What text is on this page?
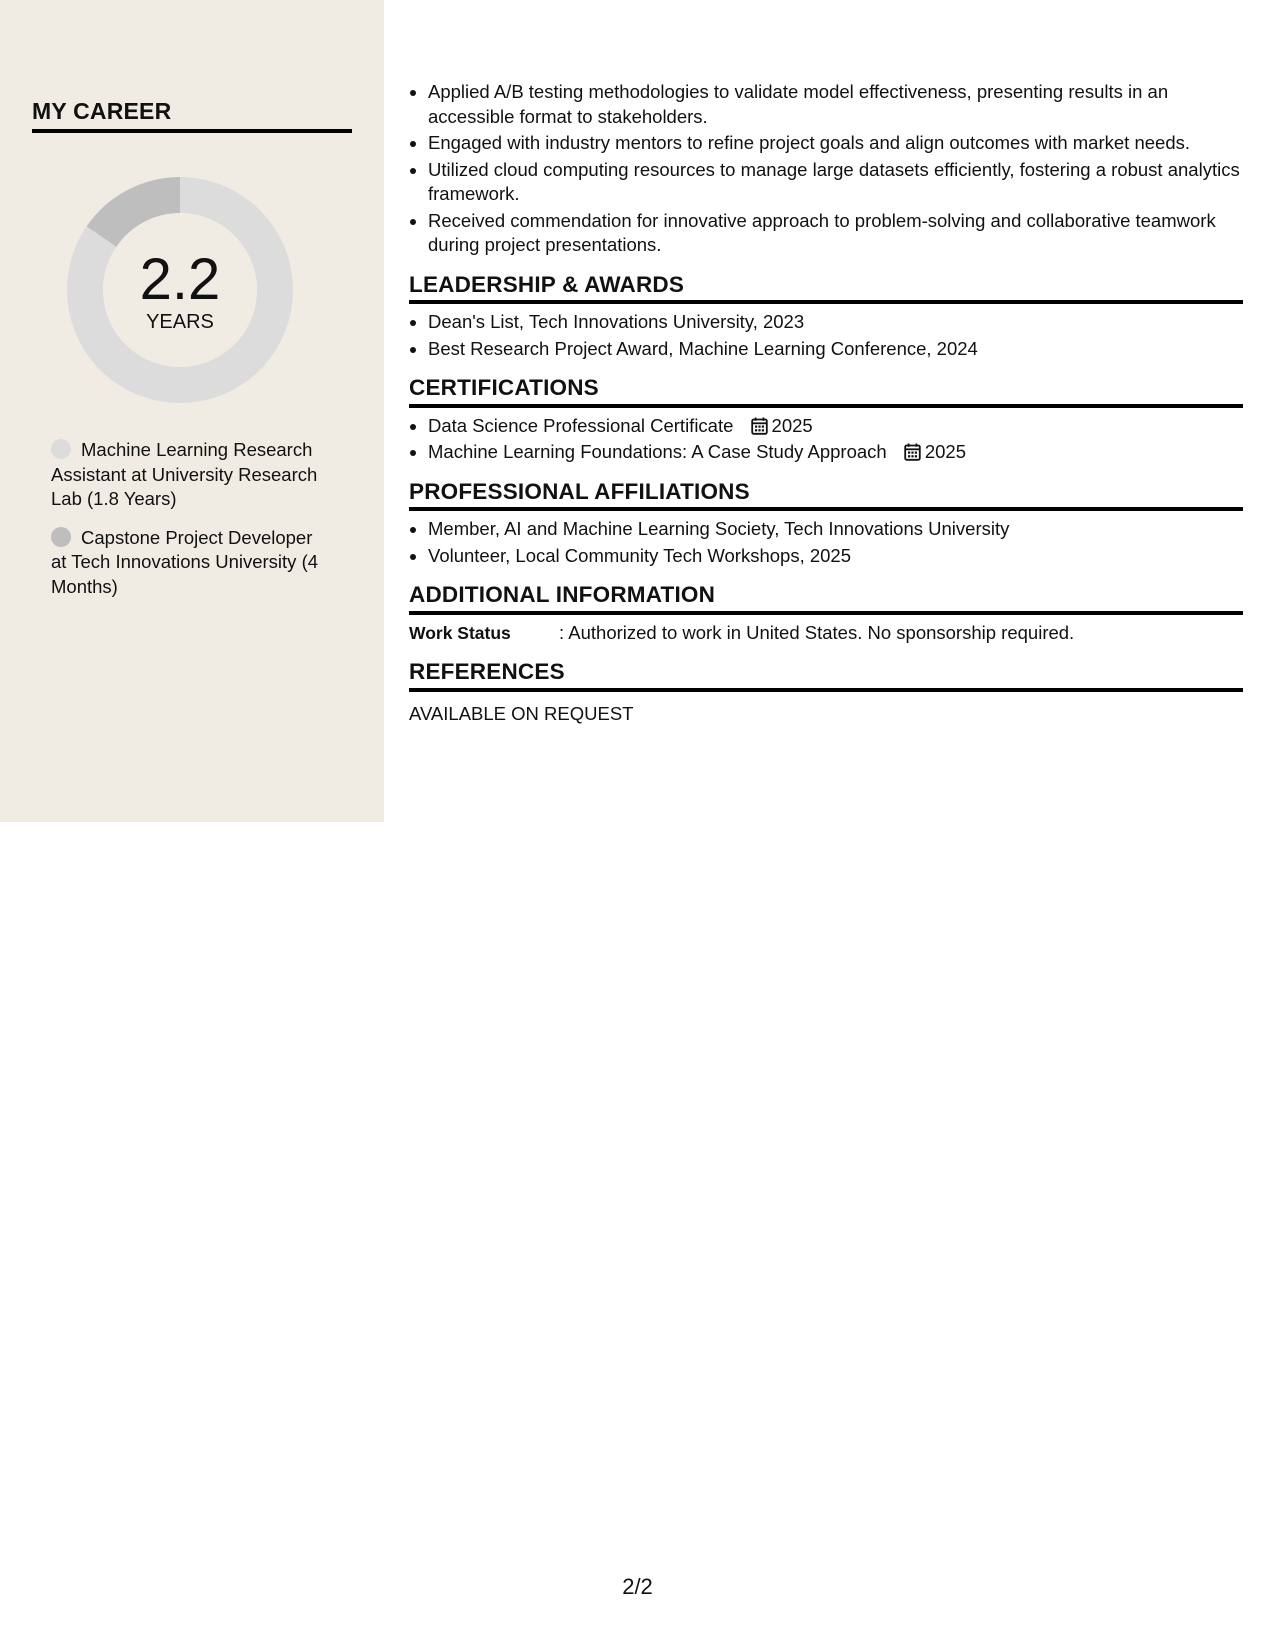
MY CAREER
2.2
YEARS
Machine Learning Research Assistant at University Research Lab (1.8 Years)
Capstone Project Developer at Tech Innovations University (4 Months)
• Applied A/B testing methodologies to validate model effectiveness, presenting results in an accessible format to stakeholders.
• Engaged with industry mentors to refine project goals and align outcomes with market needs.
• Utilized cloud computing resources to manage large datasets efficiently, fostering a robust analytics framework.
• Received commendation for innovative approach to problem-solving and collaborative teamwork during project presentations.
LEADERSHIP & AWARDS
• Dean's List, Tech Innovations University, 2023
• Best Research Project Award, Machine Learning Conference, 2024
CERTIFICATIONS
• Data Science Professional Certificate 2025
• Machine Learning Foundations: A Case Study Approach 2025
PROFESSIONAL AFFILIATIONS
• Member, AI and Machine Learning Society, Tech Innovations University
• Volunteer, Local Community Tech Workshops, 2025
ADDITIONAL INFORMATION
Work Status	: Authorized to work in United States. No sponsorship required.
REFERENCES
AVAILABLE ON REQUEST
2/2
